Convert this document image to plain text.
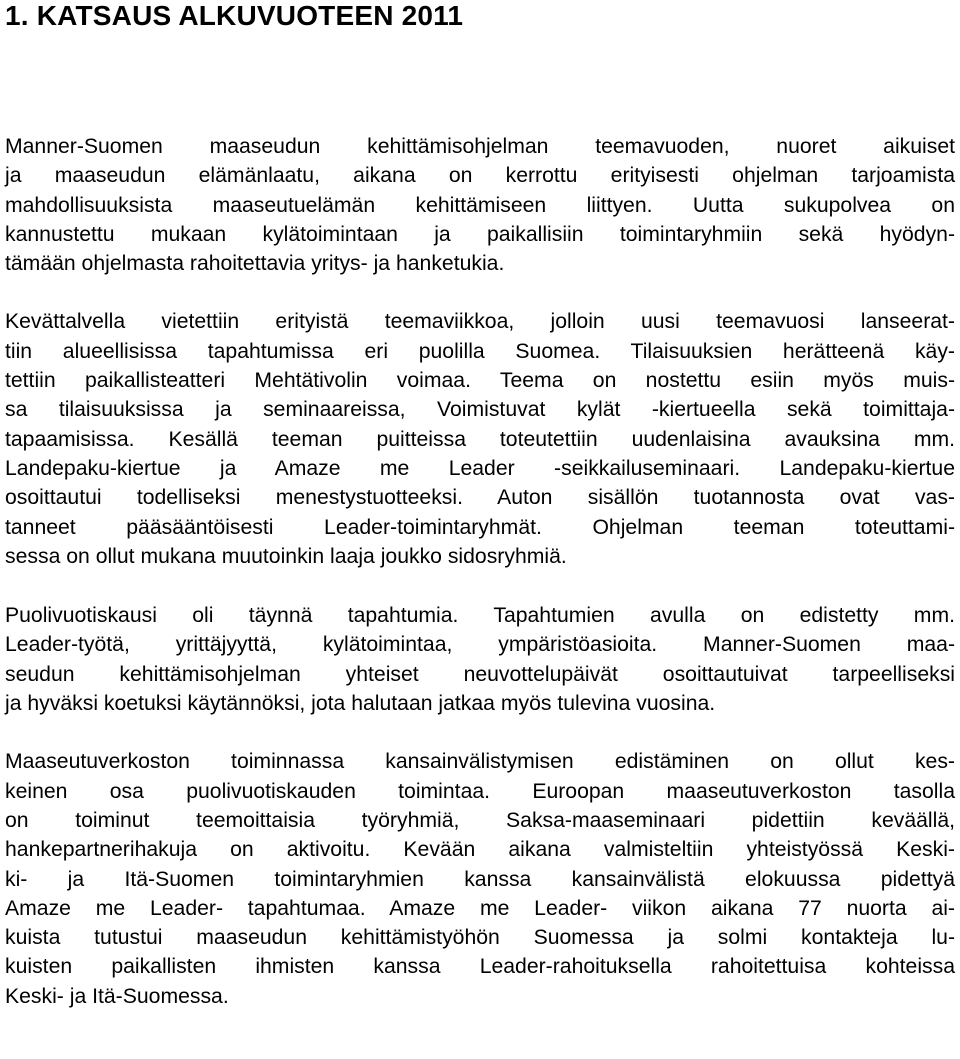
1. KATSAUS ALKUVUOTEEN 2011

Manner-Suomen maaseudun kehittämisohjelman teemavuoden, nuoret aikuiset
ja maaseudun elämänlaatu, aikana on kerrottu erityisesti ohjelman tarjoamista
mahdollisuuksista maaseutuelämän kehittämiseen liittyen. Uutta sukupolvea on
kannustettu mukaan kylätoimintaan ja paikallisiin toimintaryhmiin sekä hyödyn-
tämään ohjelmasta rahoitettavia yritys- ja hanketukia.

Kevättalvella vietettiin erityistä teemaviikkoa, jolloin uusi teemavuosi lanseerat-
tiin alueellisissa tapahtumissa eri puolilla Suomea. Tilaisuuksien herätteenä käy-
tettiin paikallisteatteri Mehtätivolin voimaa. Teema on nostettu esiin myös muis-
sa tilaisuuksissa ja seminaareissa, Voimistuvat kylät -kiertueella sekä toimittaja-
tapaamisissa. Kesällä teeman puitteissa toteutettiin uudenlaisina avauksina mm.
Landepaku-kiertue ja Amaze me Leader -seikkailuseminaari. Landepaku-kiertue
osoittautui todelliseksi menestystuotteeksi. Auton sisällön tuotannosta ovat vas-
tanneet pääsääntöisesti Leader-toimintaryhmät. Ohjelman teeman toteuttami-
sessa on ollut mukana muutoinkin laaja joukko sidosryhmiä.

Puolivuotiskausi oli täynnä tapahtumia. Tapahtumien avulla on edistetty mm.
Leader-työtä, yrittäjyyttä, kylätoimintaa, ympäristöasioita. Manner-Suomen maa-
seudun kehittämisohjelman yhteiset neuvottelupäivät osoittautuivat tarpeelliseksi
ja hyväksi koetuksi käytännöksi, jota halutaan jatkaa myös tulevina vuosina.

Maaseutuverkoston toiminnassa kansainvälistymisen edistäminen on ollut kes-
keinen osa puolivuotiskauden toimintaa. Euroopan maaseutuverkoston tasolla
on toiminut teemoittaisia työryhmiä, Saksa-maaseminaari pidettiin keväällä,
hankepartnerihakuja on aktivoitu. Kevään aikana valmisteltiin yhteistyössä Keski-
ki- ja Itä-Suomen toimintaryhmien kanssa kansainvälistä elokuussa pidettyä
Amaze me Leader- tapahtumaa. Amaze me Leader- viikon aikana 77 nuorta ai-
kuista tutustui maaseudun kehittämistyöhön Suomessa ja solmi kontakteja lu-
kuisten paikallisten ihmisten kanssa Leader-rahoituksella rahoitettuisa kohteissa
Keski- ja Itä-Suomessa.
